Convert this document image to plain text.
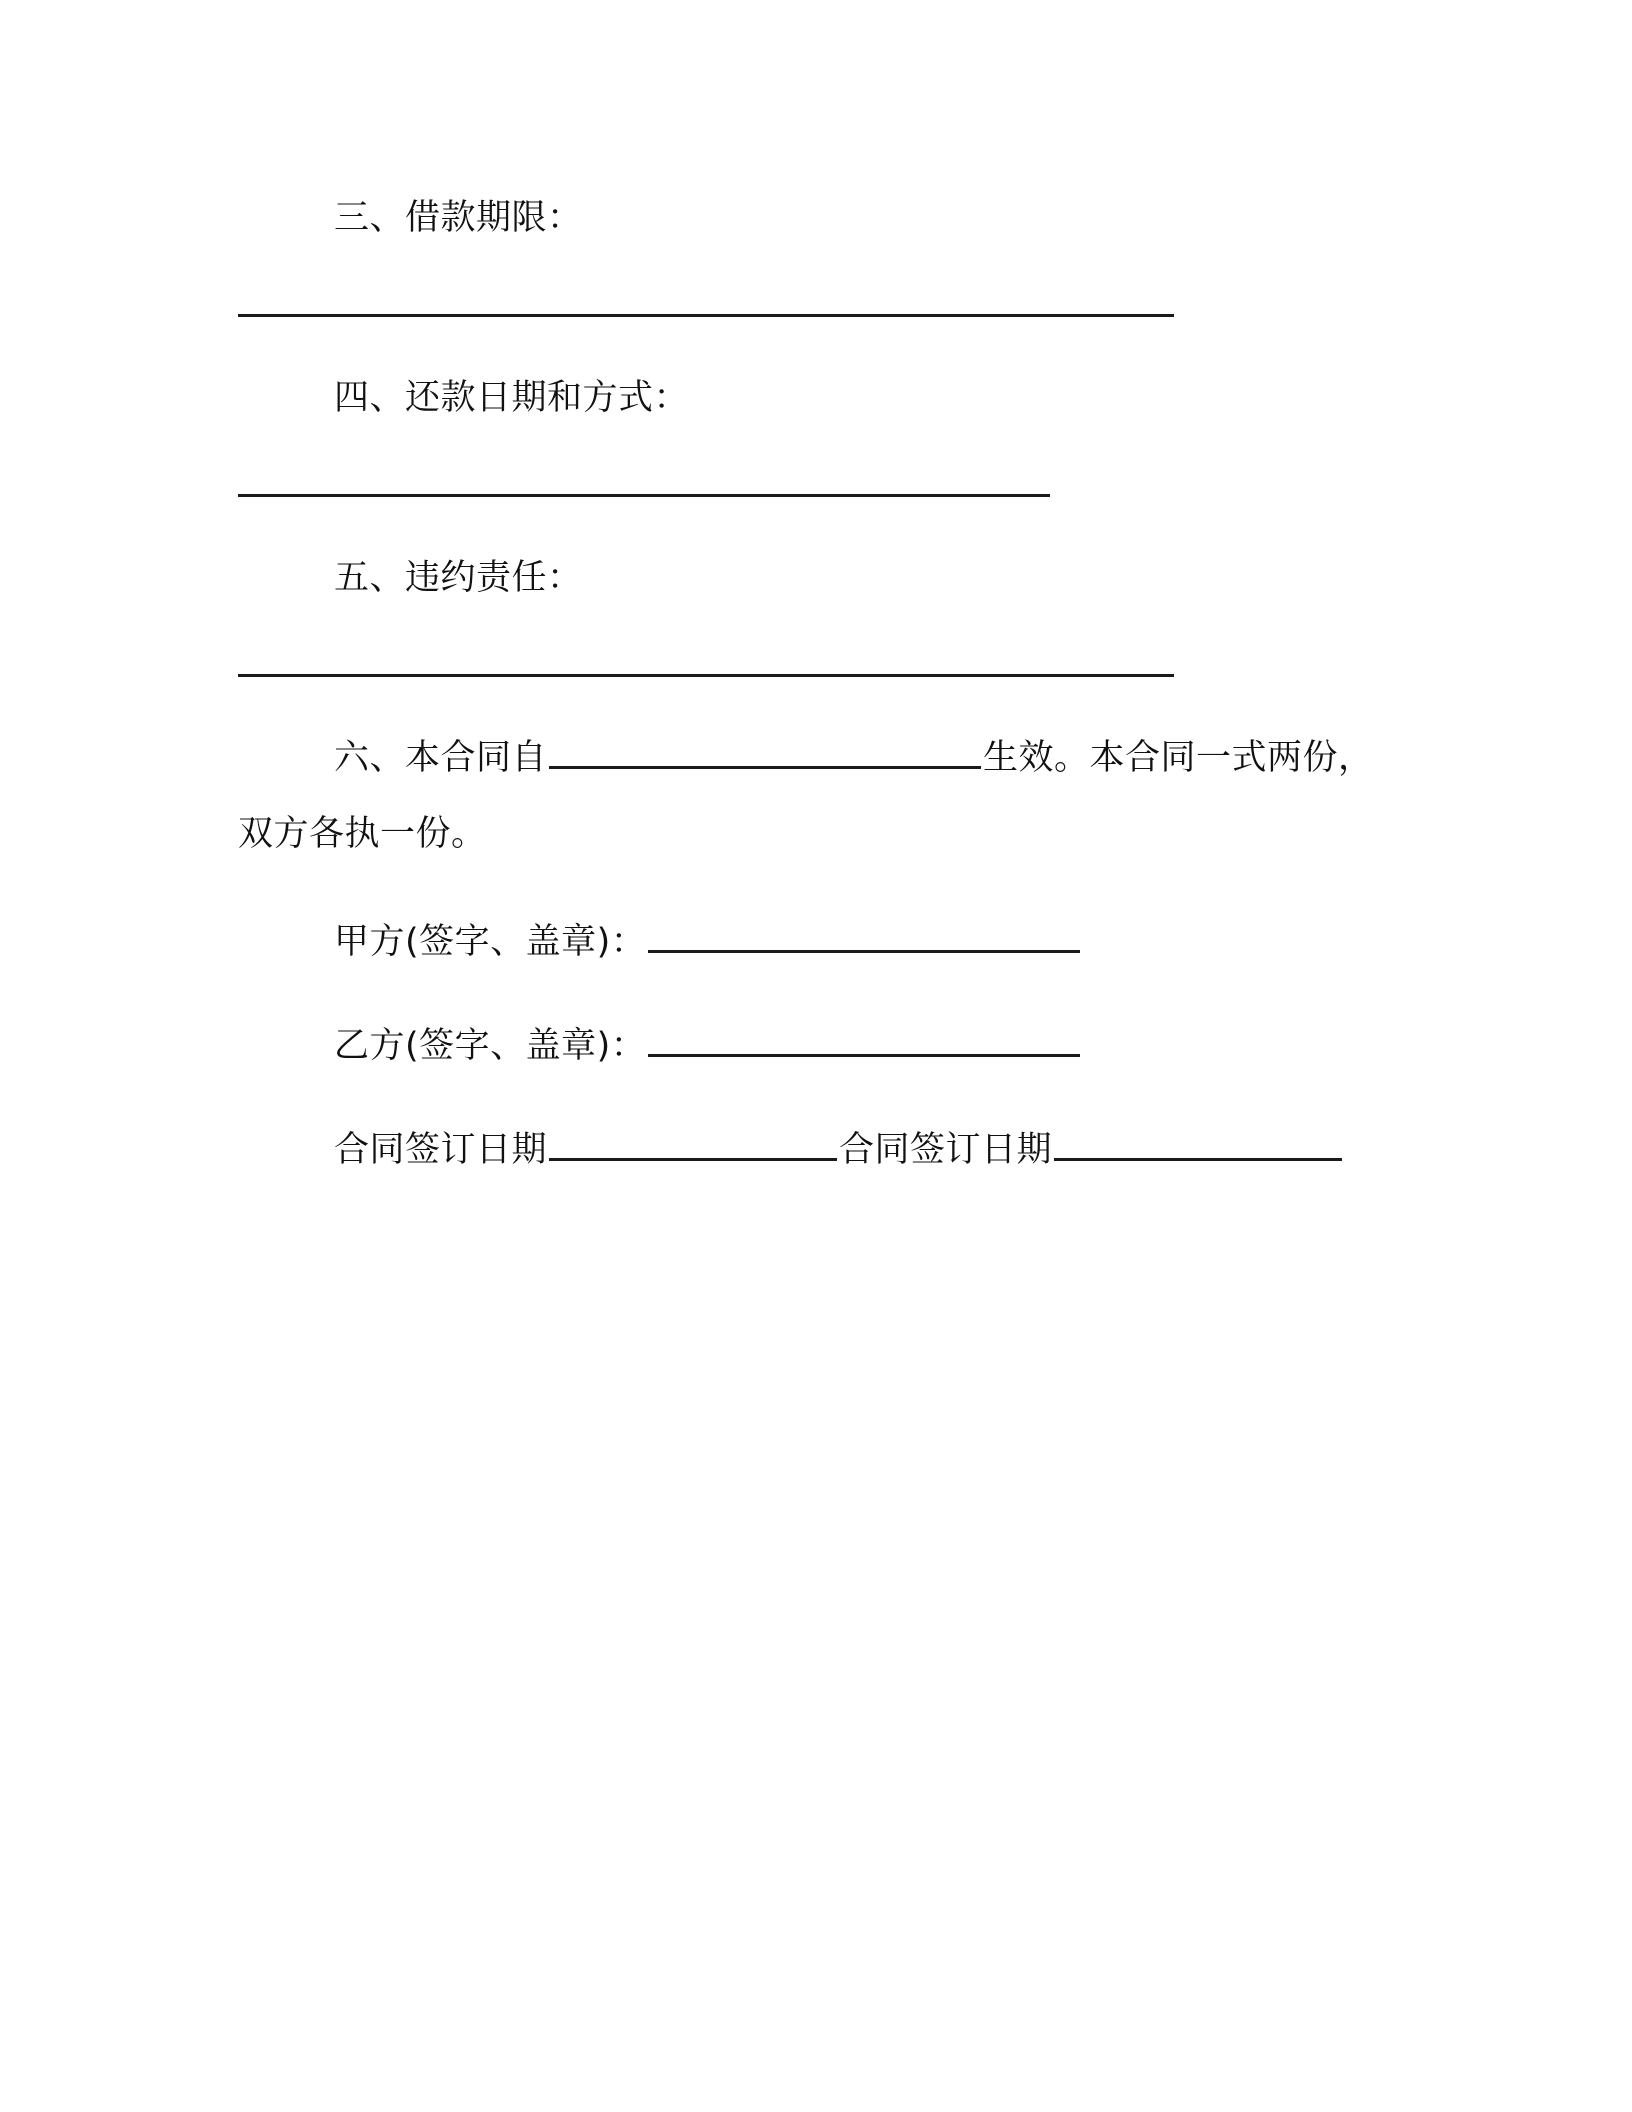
三、借款期限：
四、还款日期和方式：
五、违约责任：
六、本合同自	生效。本合同一式两份，
双方各执一份。
甲方(签字、盖章)：
乙方(签字、盖章)：
合同签订日期	合同签订日期
